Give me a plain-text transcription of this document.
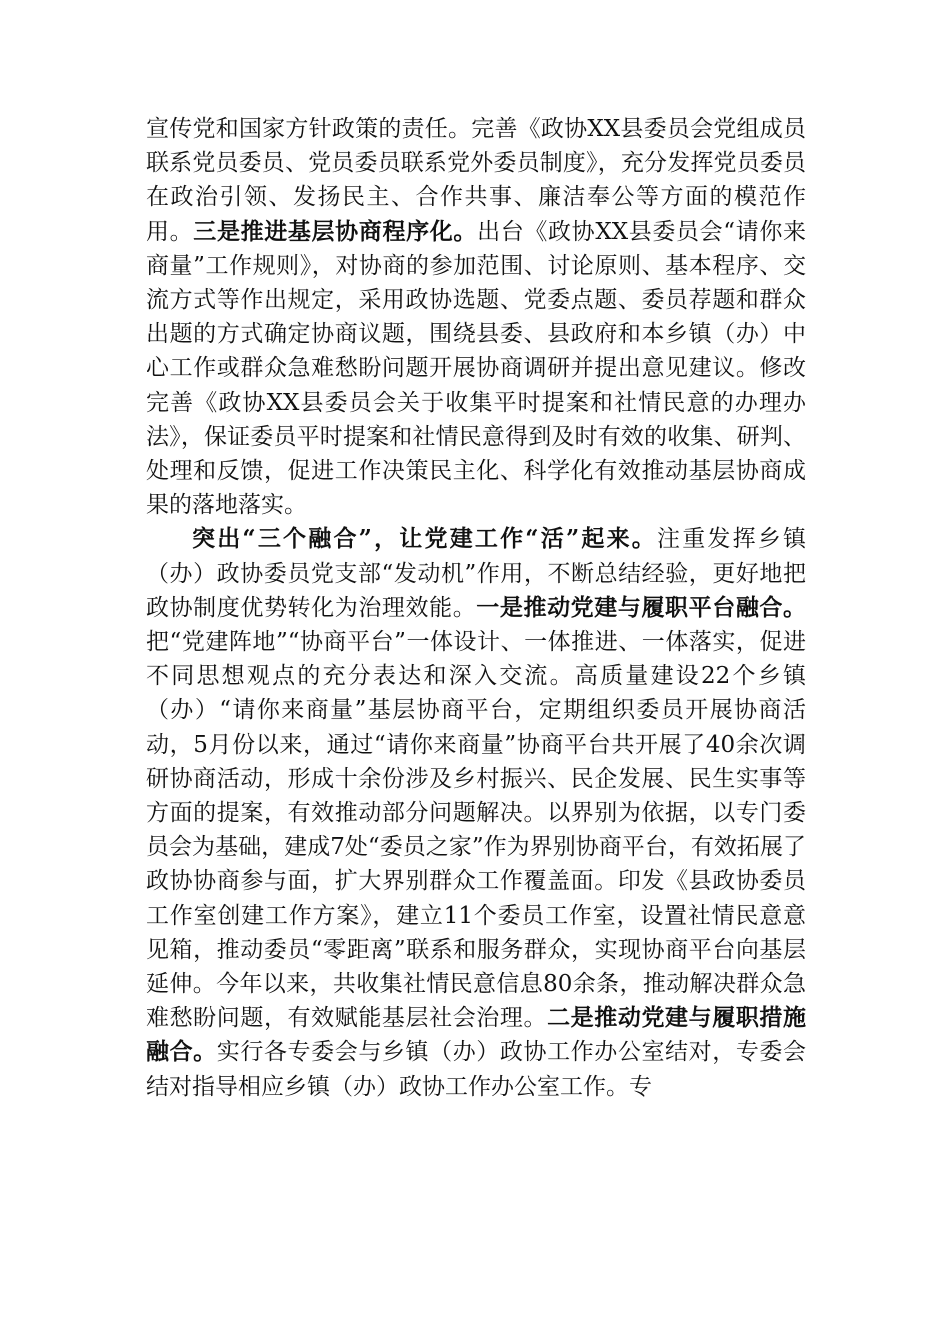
宣传党和国家方针政策的责任。完善《政协XX县委员会党组成员联系党员委员、党员委员联系党外委员制度》，充分发挥党员委员在政治引领、发扬民主、合作共事、廉洁奉公等方面的模范作用。三是推进基层协商程序化。出台《政协XX县委员会“请你来商量”工作规则》，对协商的参加范围、讨论原则、基本程序、交流方式等作出规定，采用政协选题、党委点题、委员荐题和群众出题的方式确定协商议题，围绕县委、县政府和本乡镇（办）中心工作或群众急难愁盼问题开展协商调研并提出意见建议。修改完善《政协XX县委员会关于收集平时提案和社情民意的办理办法》，保证委员平时提案和社情民意得到及时有效的收集、研判、处理和反馈，促进工作决策民主化、科学化有效推动基层协商成果的落地落实。

突出“三个融合”，让党建工作“活”起来。注重发挥乡镇（办）政协委员党支部“发动机”作用，不断总结经验，更好地把政协制度优势转化为治理效能。一是推动党建与履职平台融合。把“党建阵地”“协商平台”一体设计、一体推进、一体落实，促进不同思想观点的充分表达和深入交流。高质量建设22个乡镇（办）“请你来商量”基层协商平台，定期组织委员开展协商活动，5月份以来，通过“请你来商量”协商平台共开展了40余次调研协商活动，形成十余份涉及乡村振兴、民企发展、民生实事等方面的提案，有效推动部分问题解决。以界别为依据，以专门委员会为基础，建成7处“委员之家”作为界别协商平台，有效拓展了政协协商参与面，扩大界别群众工作覆盖面。印发《县政协委员工作室创建工作方案》，建立11个委员工作室，设置社情民意意见箱，推动委员“零距离”联系和服务群众，实现协商平台向基层延伸。今年以来，共收集社情民意信息80余条，推动解决群众急难愁盼问题，有效赋能基层社会治理。二是推动党建与履职措施融合。实行各专委会与乡镇（办）政协工作办公室结对，专委会结对指导相应乡镇（办）政协工作办公室工作。专
